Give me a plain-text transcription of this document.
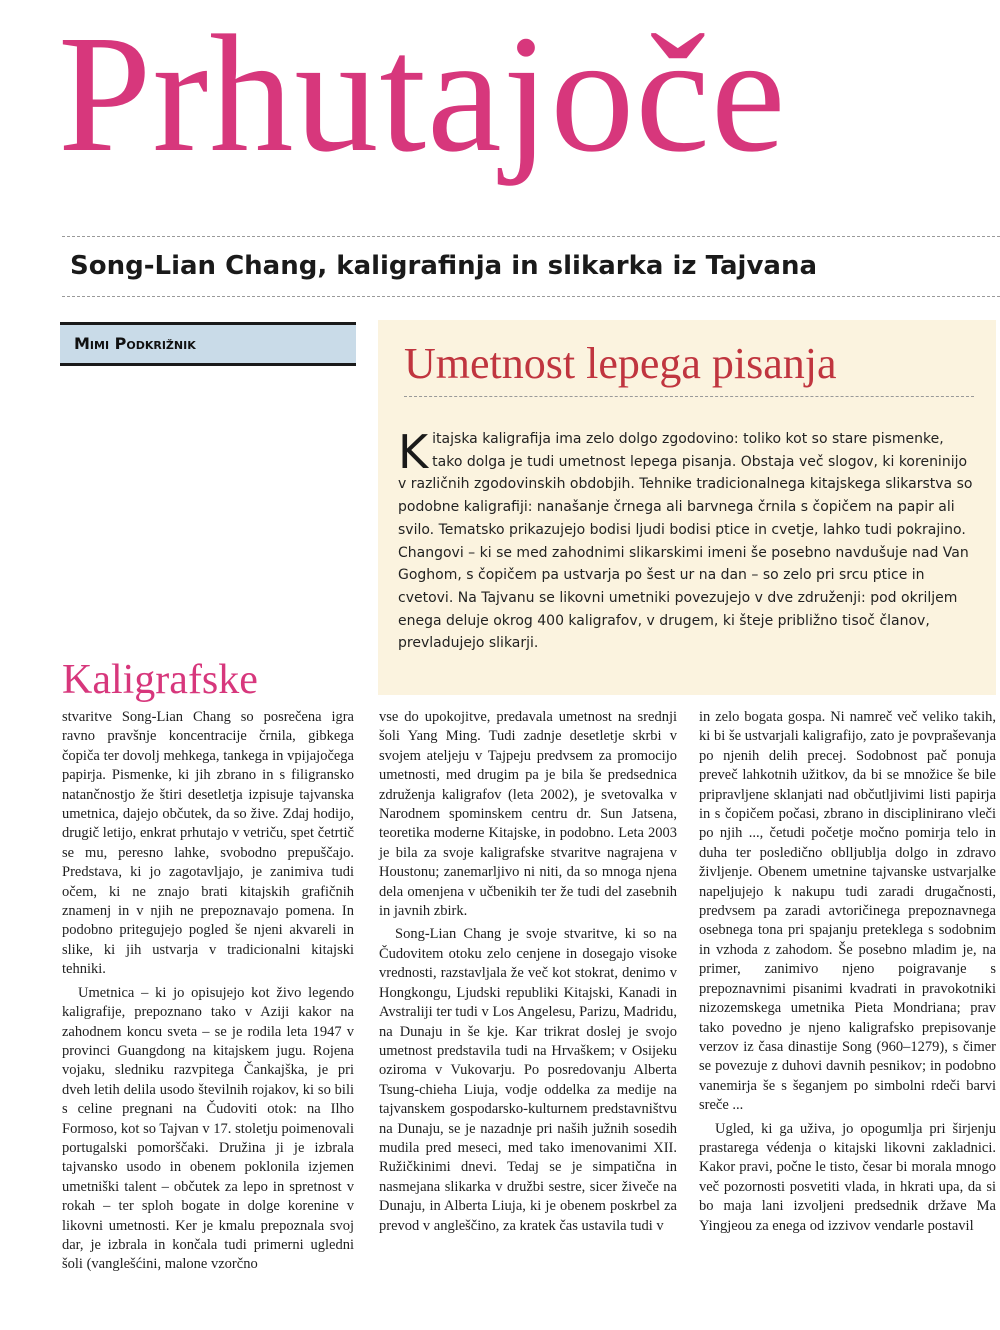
Prhutajoče
Song-Lian Chang, kaligrafinja in slikarka iz Tajvana
Mimi Podkrižnik	Umetnost lepega pisanja

Kitajska kaligrafija ima zelo dolgo zgodovino: toliko kot so stare pismenke, tako dolga je tudi umetnost lepega pisanja. Obstaja več slogov, ki koreninijo v različnih zgodovinskih obdobjih. Tehnike tradicionalnega kitajskega slikarstva so podobne kaligrafiji: nanašanje črnega ali barvnega črnila s čopičem na papir ali svilo. Tematsko prikazujejo bodisi ljudi bodisi ptice in cvetje, lahko tudi pokrajino. Changovi – ki se med zahodnimi slikarskimi imeni še posebno navdušuje nad Van Goghom, s čopičem pa ustvarja po šest ur na dan – so zelo pri srcu ptice in cvetovi. Na Tajvanu se likovni umetniki povezujejo v dve združenji: pod okriljem enega deluje okrog 400 kaligrafov, v drugem, ki šteje približno tisoč članov, prevladujejo slikarji.

Kaligrafske

stvaritve Song-Lian Chang so posrečena igra ravno pravšnje koncentracije črnila, gibkega čopiča ter dovolj mehkega, tankega in vpijajočega papirja. Pismenke, ki jih zbrano in s filigransko natančnostjo že štiri desetletja izpisuje tajvanska umetnica, dajejo občutek, da so žive. Zdaj hodijo, drugič letijo, enkrat prhutajo v vetriču, spet četrtič se mu, peresno lahke, svobodno prepuščajo. Predstava, ki jo zagotavljajo, je zanimiva tudi očem, ki ne znajo brati kitajskih grafičnih znamenj in v njih ne prepoznavajo pomena. In podobno pritegujejo pogled še njeni akvareli in slike, ki jih ustvarja v tradicionalni kitajski tehniki.

Umetnica – ki jo opisujejo kot živo legendo kaligrafije, prepoznano tako v Aziji kakor na zahodnem koncu sveta – se je rodila leta 1947 v provinci Guangdong na kitajskem jugu. Rojena vojaku, sledniku razvpitega Čankajška, je pri dveh letih delila usodo številnih rojakov, ki so bili s celine pregnani na Čudoviti otok: na Ilho Formoso, kot so Tajvan v 17. stoletju poimenovali portugalski pomorščaki. Družina ji je izbrala tajvansko usodo in obenem poklonila izjemen umetniški talent – občutek za lepo in spretnost v rokah – ter sploh bogate in dolge korenine v likovni umetnosti. Ker je kmalu prepoznala svoj dar, je izbrala in končala tudi primerni ugledni šoli (vanglešćini, malone vzorčno

vse do upokojitve, predavala umetnost na srednji šoli Yang Ming. Tudi zadnje desetletje skrbi v svojem ateljeju v Tajpeju predvsem za promocijo umetnosti, med drugim pa je bila še predsednica združenja kaligrafov (leta 2002), je svetovalka v Narodnem spominskem centru dr. Sun Jatsena, teoretika moderne Kitajske, in podobno. Leta 2003 je bila za svoje kaligrafske stvaritve nagrajena v Houstonu; zanemarljivo ni niti, da so mnoga njena dela omenjena v učbenikih ter že tudi del zasebnih in javnih zbirk.

Song-Lian Chang je svoje stvaritve, ki so na Čudovitem otoku zelo cenjene in dosegajo visoke vrednosti, razstavljala že več kot stokrat, denimo v Hongkongu, Ljudski republiki Kitajski, Kanadi in Avstraliji ter tudi v Los Angelesu, Parizu, Madridu, na Dunaju in še kje. Kar trikrat doslej je svojo umetnost predstavila tudi na Hrvaškem; v Osijeku oziroma v Vukovarju. Po posredovanju Alberta Tsung-chieha Liuja, vodje oddelka za medije na tajvanskem gospodarsko-kulturnem predstavništvu na Dunaju, se je nazadnje pri naših južnih sosedih mudila pred meseci, med tako imenovanimi XII. Ružičkinimi dnevi. Tedaj se je simpatična in nasmejana slikarka v družbi sestre, sicer živeče na Dunaju, in Alberta Liuja, ki je obenem poskrbel za prevod v angleščino, za kratek čas ustavila tudi v

in zelo bogata gospa. Ni namreč več veliko takih, ki bi še ustvarjali kaligrafijo, zato je povpraševanja po njenih delih precej. Sodobnost pač ponuja preveč lahkotnih užitkov, da bi se množice še bile pripravljene sklanjati nad občutljivimi listi papirja in s čopičem počasi, zbrano in disciplinirano vleči po njih ..., četudi početje močno pomirja telo in duha ter posledično oblljublja dolgo in zdravo življenje. Obenem umetnine tajvanske ustvarjalke napeljujejo k nakupu tudi zaradi drugačnosti, predvsem pa zaradi avtoričinega prepoznavnega osebnega tona pri spajanju preteklega s sodobnim in vzhoda z zahodom. Še posebno mladim je, na primer, zanimivo njeno poigravanje s prepoznavnimi pisanimi kvadrati in pravokotniki nizozemskega umetnika Pieta Mondriana; prav tako povedno je njeno kaligrafsko prepisovanje verzov iz časa dinastije Song (960–1279), s čimer se povezuje z duhovi davnih pesnikov; in podobno vanemirja še s šeganjem po simbolni rdeči barvi sreče ...

Ugled, ki ga uživa, jo opogumlja pri širjenju prastarega védenja o kitajski likovni zakladnici. Kakor pravi, počne le tisto, česar bi morala mnogo več pozornosti posvetiti vlada, in hkrati upa, da si bo maja lani izvoljeni predsednik države Ma Yingjeou za enega od izzivov vendarle postavil
